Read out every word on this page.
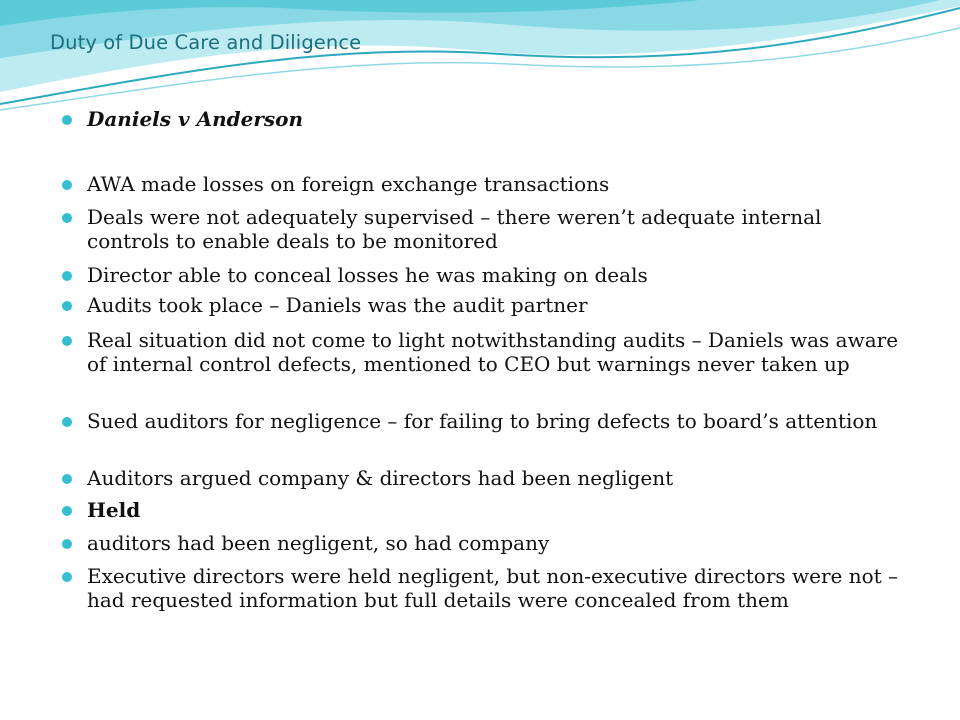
Duty of Due Care and Diligence
Daniels v Anderson
AWA made losses on foreign exchange transactions
Deals were not adequately supervised – there weren’t adequate internal controls to enable deals to be monitored
Director able to conceal losses he was making on deals
Audits took place – Daniels was the audit partner
Real situation did not come to light notwithstanding audits – Daniels was aware of internal control defects, mentioned to CEO but warnings never taken up
Sued auditors for negligence – for failing to bring defects to board’s attention
Auditors argued company & directors had been negligent
Held
auditors had been negligent, so had company
Executive directors were held negligent, but non-executive directors were not – had requested information but full details were concealed from them
